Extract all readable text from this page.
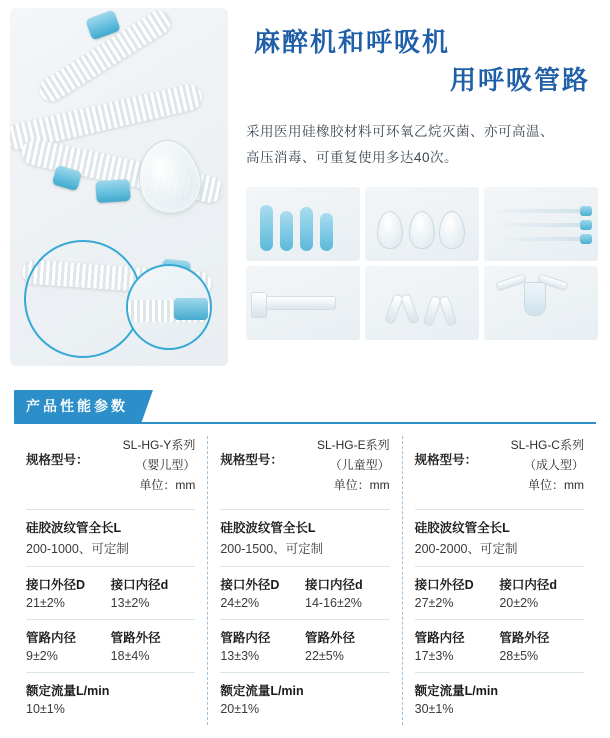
麻醉机和呼吸机
用呼吸管路
采用医用硅橡胶材料可环氧乙烷灭菌、亦可高温、
高压消毒、可重复使用多达40次。
产品性能参数
规格型号：
SL-HG-Y系列
（婴儿型）
单位：mm
硅胶波纹管全长L
200-1000、可定制
接口外径D
21±2%
接口内径d
13±2%
管路内径
9±2%
管路外径
18±4%
额定流量L/min
10±1%
规格型号：
SL-HG-E系列
（儿童型）
单位：mm
硅胶波纹管全长L
200-1500、可定制
接口外径D
24±2%
接口内径d
14-16±2%
管路内径
13±3%
管路外径
22±5%
额定流量L/min
20±1%
规格型号：
SL-HG-C系列
（成人型）
单位：mm
硅胶波纹管全长L
200-2000、可定制
接口外径D
27±2%
接口内径d
20±2%
管路内径
17±3%
管路外径
28±5%
额定流量L/min
30±1%
